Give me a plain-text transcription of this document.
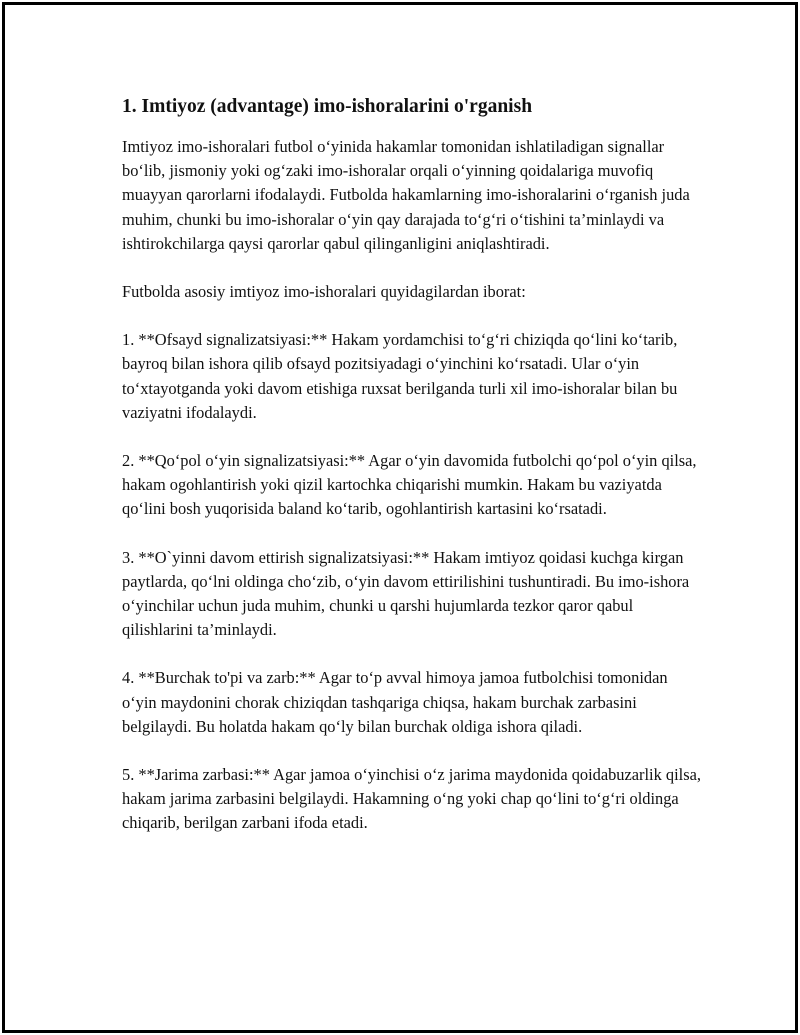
1. Imtiyoz (advantage) imo-ishoralarini o'rganish

Imtiyoz imo-ishoralari futbol o‘yinida hakamlar tomonidan ishlatiladigan signallar bo‘lib, jismoniy yoki og‘zaki imo-ishoralar orqali o‘yinning qoidalariga muvofiq muayyan qarorlarni ifodalaydi. Futbolda hakamlarning imo-ishoralarini o‘rganish juda muhim, chunki bu imo-ishoralar o‘yin qay darajada to‘g‘ri o‘tishini ta’minlaydi va ishtirokchilarga qaysi qarorlar qabul qilinganligini aniqlashtiradi.

Futbolda asosiy imtiyoz imo-ishoralari quyidagilardan iborat:

1. **Ofsayd signalizatsiyasi:** Hakam yordamchisi to‘g‘ri chiziqda qo‘lini ko‘tarib, bayroq bilan ishora qilib ofsayd pozitsiyadagi o‘yinchini ko‘rsatadi. Ular o‘yin to‘xtayotganda yoki davom etishiga ruxsat berilganda turli xil imo-ishoralar bilan bu vaziyatni ifodalaydi.

2. **Qo‘pol o‘yin signalizatsiyasi:** Agar o‘yin davomida futbolchi qo‘pol o‘yin qilsa, hakam ogohlantirish yoki qizil kartochka chiqarishi mumkin. Hakam bu vaziyatda qo‘lini bosh yuqorisida baland ko‘tarib, ogohlantirish kartasini ko‘rsatadi.

3. **O`yinni davom ettirish signalizatsiyasi:** Hakam imtiyoz qoidasi kuchga kirgan paytlarda, qo‘lni oldinga cho‘zib, o‘yin davom ettirilishini tushuntiradi. Bu imo-ishora o‘yinchilar uchun juda muhim, chunki u qarshi hujumlarda tezkor qaror qabul qilishlarini ta’minlaydi.

4. **Burchak to'pi va zarb:** Agar to‘p avval himoya jamoa futbolchisi tomonidan o‘yin maydonini chorak chiziqdan tashqariga chiqsa, hakam burchak zarbasini belgilaydi. Bu holatda hakam qo‘ly bilan burchak oldiga ishora qiladi.

5. **Jarima zarbasi:** Agar jamoa o‘yinchisi o‘z jarima maydonida qoidabuzarlik qilsa, hakam jarima zarbasini belgilaydi. Hakamning o‘ng yoki chap qo‘lini to‘g‘ri oldinga chiqarib, berilgan zarbani ifoda etadi.
